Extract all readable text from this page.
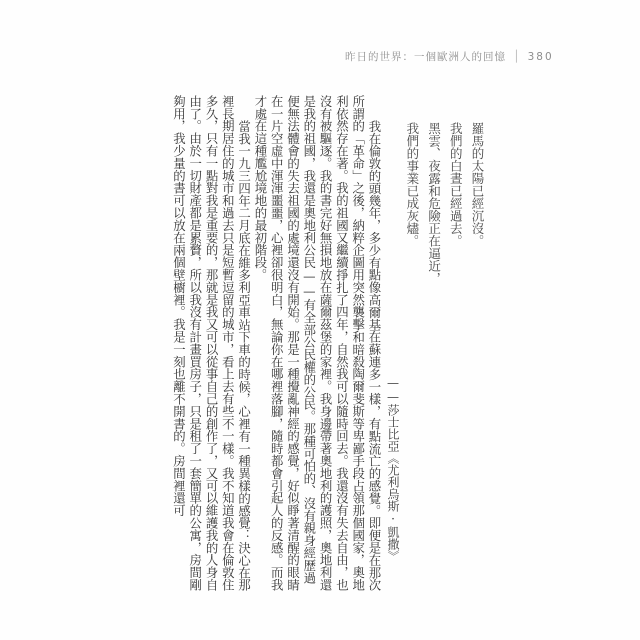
昨日的世界：一個歐洲人的回憶 │ 380
羅馬的太陽已經沉沒。
我們的白晝已經過去。
黑雲、夜露和危險正在逼近，
我們的事業已成灰燼。
——莎士比亞《尤利烏斯·凱撒》

我在倫敦的頭幾年，多少有點像高爾基在蘇連多一樣，有點流亡的感覺。即便是在那次所謂的「革命」之後，納粹企圖用突然襲擊和暗殺陶爾斐斯等卑鄙手段占領那個國家，奧地利依然存在著。我的祖國又繼續掙扎了四年，自然我可以隨時回去。我還沒有失去自由，也沒有被驅逐。我的書完好無損地放在薩爾茲堡的家裡。我身邊帶著奧地利的護照，奧地利還是我的祖國，我還是奧地利公民——有全部公民權的公民。那種可怕的、沒有親身經歷過便無法體會的失去祖國的處境還沒有開始。那是一種攪亂神經的感覺，好似睜著清醒的眼睛在一片空虛中渾渾噩噩，心裡卻很明白，無論你在哪裡落腳，隨時都會引起人的反感。而我才處在這種尷尬境地的最初階段。

當我一九三四年二月底在維多利亞車站下車的時候，心裡有一種異樣的感覺：決心在那裡長期居住的城市和過去只是短暫逗留的城市，看上去有些不一樣。我不知道我會在倫敦住多久，只有一點對我是重要的，那就是我又可以從事自己的創作了，又可以維護我的人身自由了。由於一切財產都是累贅，所以我沒有計畫買房子，只是租了一套簡單的公寓，房間剛夠用，我少量的書可以放在兩個壁櫥裡。我是一刻也離不開書的。房間裡還可
